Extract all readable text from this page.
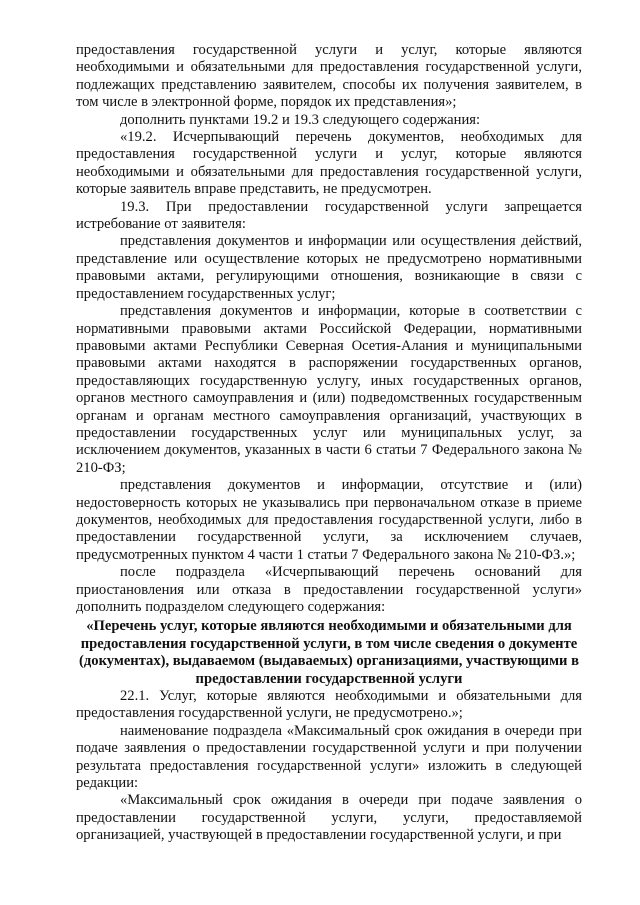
предоставления государственной услуги и услуг, которые являются необходимыми и обязательными для предоставления государственной услуги, подлежащих представлению заявителем, способы их получения заявителем, в том числе в электронной форме, порядок их представления»;

дополнить пунктами 19.2 и 19.3 следующего содержания:

«19.2. Исчерпывающий перечень документов, необходимых для предоставления государственной услуги и услуг, которые являются необходимыми и обязательными для предоставления государственной услуги, которые заявитель вправе представить, не предусмотрен.

19.3. При предоставлении государственной услуги запрещается истребование от заявителя:

представления документов и информации или осуществления действий, представление или осуществление которых не предусмотрено нормативными правовыми актами, регулирующими отношения, возникающие в связи с предоставлением государственных услуг;

представления документов и информации, которые в соответствии с нормативными правовыми актами Российской Федерации, нормативными правовыми актами Республики Северная Осетия-Алания и муниципальными правовыми актами находятся в распоряжении государственных органов, предоставляющих государственную услугу, иных государственных органов, органов местного самоуправления и (или) подведомственных государственным органам и органам местного самоуправления организаций, участвующих в предоставлении государственных услуг или муниципальных услуг, за исключением документов, указанных в части 6 статьи 7 Федерального закона № 210-ФЗ;

представления документов и информации, отсутствие и (или) недостоверность которых не указывались при первоначальном отказе в приеме документов, необходимых для предоставления государственной услуги, либо в предоставлении государственной услуги, за исключением случаев, предусмотренных пунктом 4 части 1 статьи 7 Федерального закона № 210-ФЗ.»;

после подраздела «Исчерпывающий перечень оснований для приостановления или отказа в предоставлении государственной услуги» дополнить подразделом следующего содержания:

«Перечень услуг, которые являются необходимыми и обязательными для предоставления государственной услуги, в том числе сведения о документе (документах), выдаваемом (выдаваемых) организациями, участвующими в предоставлении государственной услуги

22.1. Услуг, которые являются необходимыми и обязательными для предоставления государственной услуги, не предусмотрено.»;

наименование подраздела «Максимальный срок ожидания в очереди при подаче заявления о предоставлении государственной услуги и при получении результата предоставления государственной услуги» изложить в следующей редакции:

«Максимальный срок ожидания в очереди при подаче заявления о предоставлении государственной услуги, услуги, предоставляемой организацией, участвующей в предоставлении государственной услуги, и при
